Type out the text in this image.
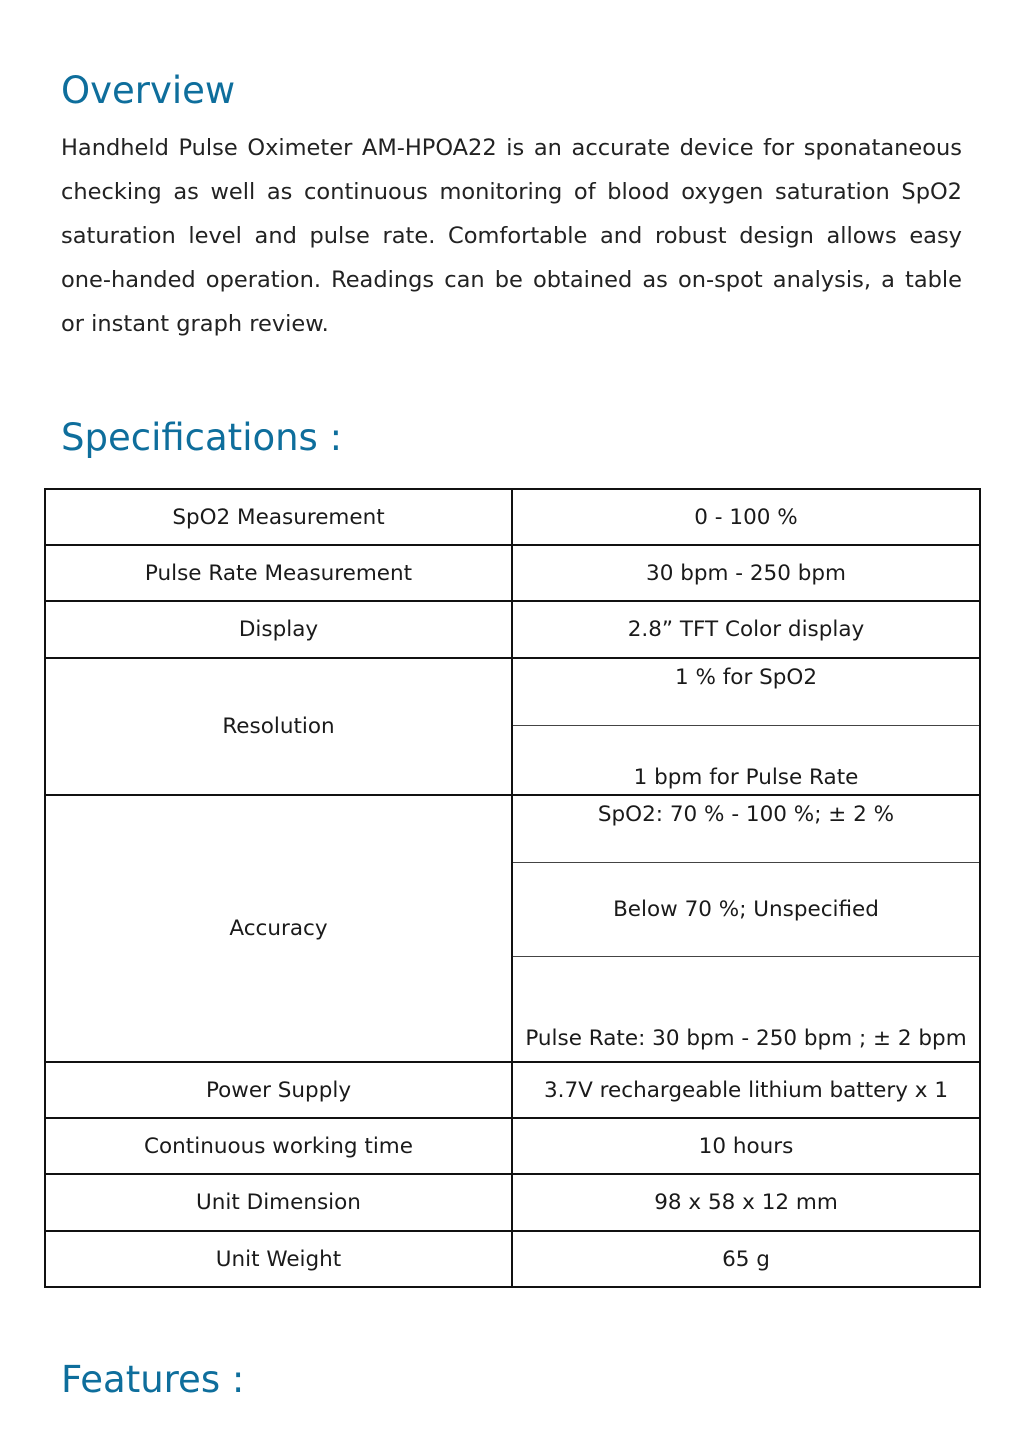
Overview

Handheld Pulse Oximeter AM-HPOA22 is an accurate device for sponataneous checking as well as continuous monitoring of blood oxygen saturation SpO2 saturation level and pulse rate. Comfortable and robust design allows easy one-handed operation. Readings can be obtained as on-spot analysis, a table or instant graph review.

Specifications :
SpO2 Measurement	0 - 100 %
Pulse Rate Measurement	30 bpm - 250 bpm
Display	2.8” TFT Color display
Resolution	1 % for SpO2
	1 bpm for Pulse Rate
Accuracy	SpO2: 70 % - 100 %; ± 2 %
	Below 70 %; Unspecified
	Pulse Rate: 30 bpm - 250 bpm ; ± 2 bpm
Power Supply	3.7V rechargeable lithium battery x 1
Continuous working time	10 hours
Unit Dimension	98 x 58 x 12 mm
Unit Weight	65 g
Features :
